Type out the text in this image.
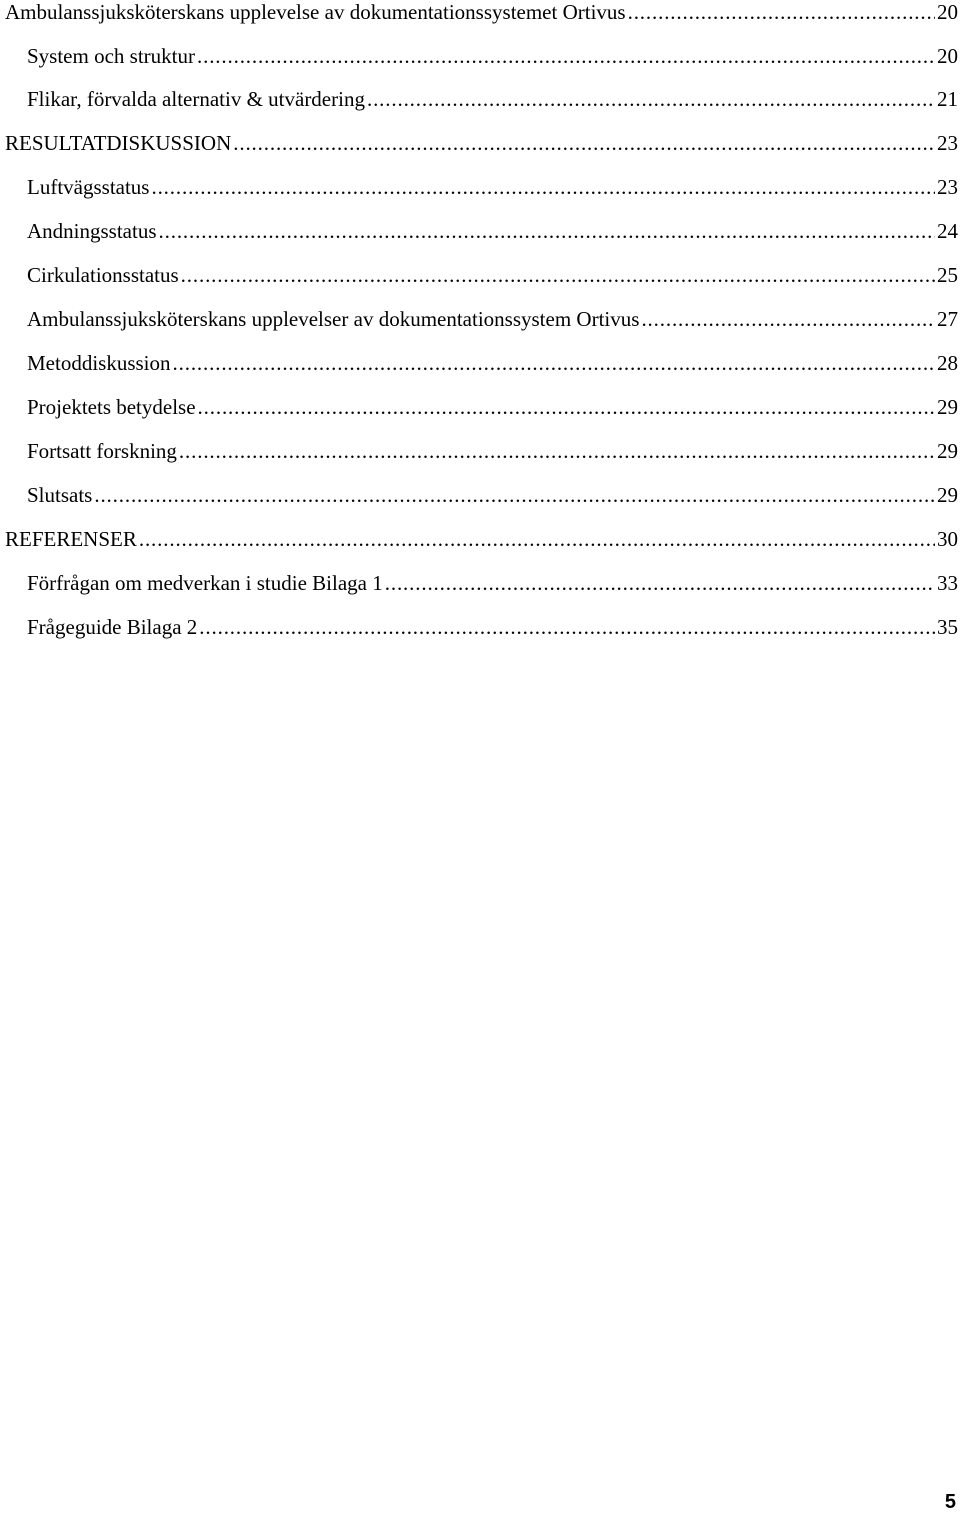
Ambulanssjuksköterskans upplevelse av dokumentationssystemet Ortivus . . .	20
System och struktur . . .	20
Flikar, förvalda alternativ & utvärdering . . .	21
RESULTATDISKUSSION . . .	23
Luftvägsstatus . . .	23
Andningsstatus . . .	24
Cirkulationsstatus . . .	25
Ambulanssjuksköterskans upplevelser av dokumentationssystem Ortivus . . .	27
Metoddiskussion . . .	28
Projektets betydelse . . .	29
Fortsatt forskning . . .	29
Slutsats . . .	29
REFERENSER . . .	30
Förfrågan om medverkan i studie Bilaga 1 . . .	33
Frågeguide Bilaga 2 . . .	35
5
